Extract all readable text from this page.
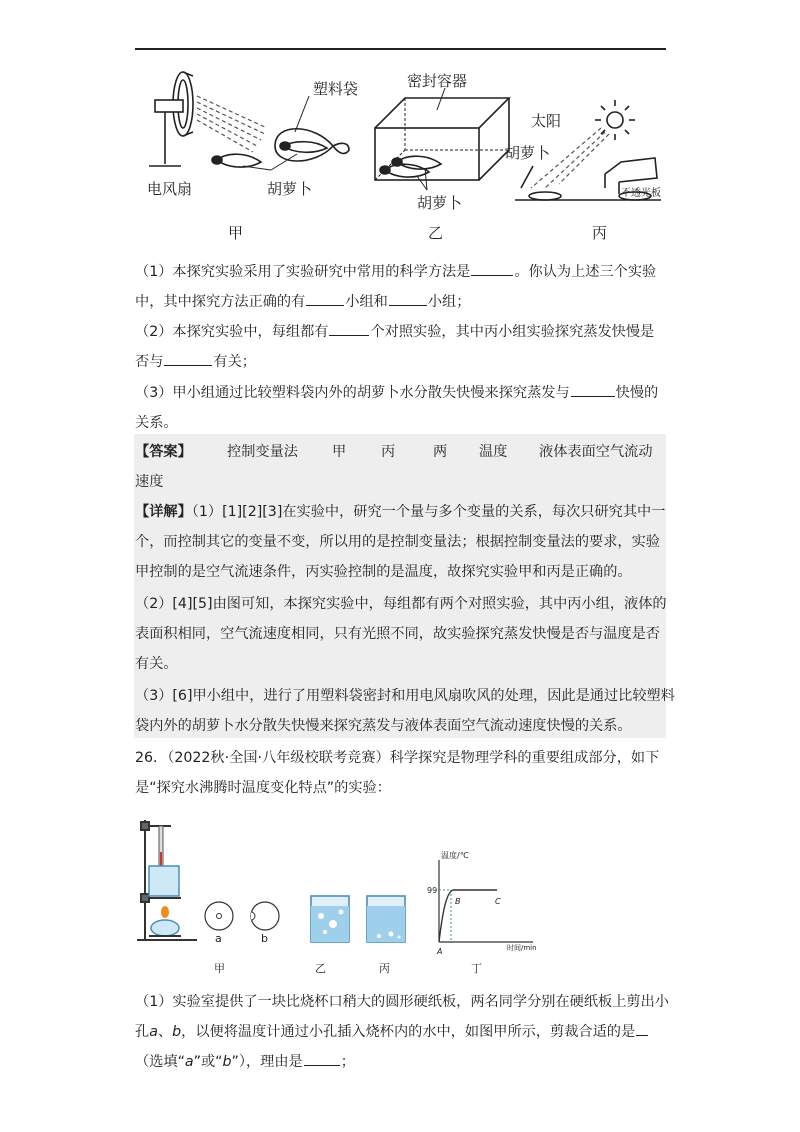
塑料袋
电风扇	胡萝卜
密封容器
胡萝卜
太阳
胡萝卜
不透光板
甲	乙	丙
（1）本探究实验采用了实验研究中常用的科学方法是	。你认为上述三个实验
中，其中探究方法正确的有	小组和	小组；
（2）本探究实验中，每组都有	个对照实验，其中丙小组实验探究蒸发快慢是
否与	有关；
（3）甲小组通过比较塑料袋内外的胡萝卜水分散失快慢来探究蒸发与	快慢的
关系。
【答案】 控制变量法 甲 丙	两 温度 液体表面空气流动
速度
【详解】（1）[1][2][3]在实验中，研究一个量与多个变量的关系，每次只研究其中一
个，而控制其它的变量不变，所以用的是控制变量法；根据控制变量法的要求，实验
甲控制的是空气流速条件，丙实验控制的是温度，故探究实验甲和丙是正确的。
（2）[4][5]由图可知，本探究实验中，每组都有两个对照实验，其中丙小组，液体的
表面积相同，空气流速度相同，只有光照不同，故实验探究蒸发快慢是否与温度是否
有关。
（3）[6]甲小组中，进行了用塑料袋密封和用电风扇吹风的处理，因此是通过比较塑料
袋内外的胡萝卜水分散失快慢来探究蒸发与液体表面空气流动速度快慢的关系。
26．（2022秋·全国·八年级校联考竞赛）科学探究是物理学科的重要组成部分，如下
是“探究水沸腾时温度变化特点”的实验：
a	b
温度/℃
时间/min
99
A
B	C
甲	乙	丙	丁
（1）实验室提供了一块比烧杯口稍大的圆形硬纸板，两名同学分别在硬纸板上剪出小
孔a、b，以便将温度计通过小孔插入烧杯内的水中，如图甲所示，剪裁合适的是
（选填“a”或“b”），理由是	；
